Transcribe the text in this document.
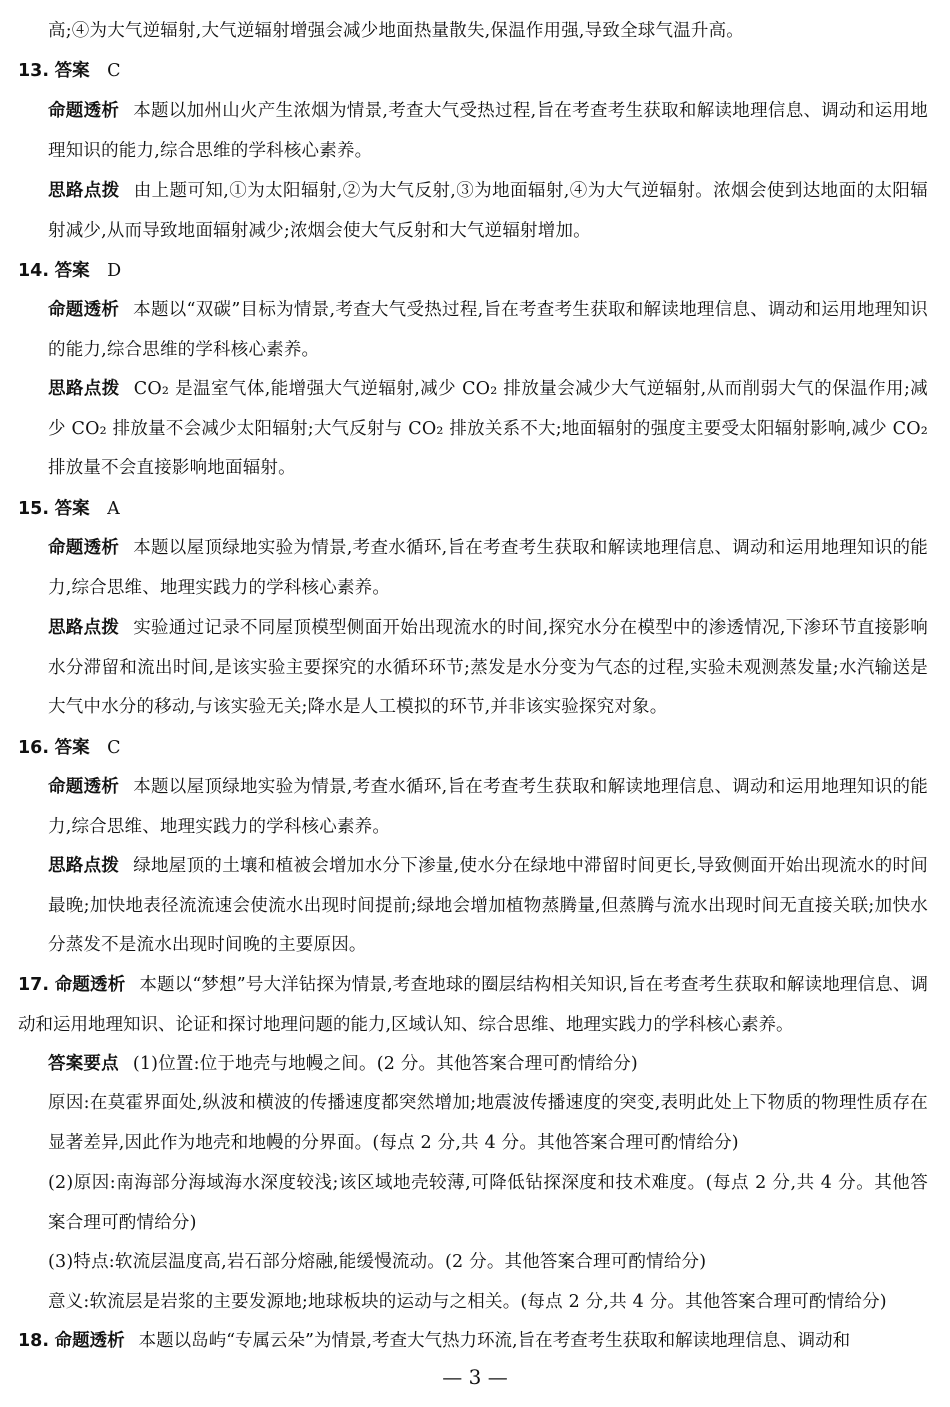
高;④为大气逆辐射,大气逆辐射增强会减少地面热量散失,保温作用强,导致全球气温升高。
13. 答案 C
命题透析 本题以加州山火产生浓烟为情景,考查大气受热过程,旨在考查考生获取和解读地理信息、调动和运用地理知识的能力,综合思维的学科核心素养。
思路点拨 由上题可知,①为太阳辐射,②为大气反射,③为地面辐射,④为大气逆辐射。浓烟会使到达地面的太阳辐射减少,从而导致地面辐射减少;浓烟会使大气反射和大气逆辐射增加。
14. 答案 D
命题透析 本题以“双碳”目标为情景,考查大气受热过程,旨在考查考生获取和解读地理信息、调动和运用地理知识的能力,综合思维的学科核心素养。
思路点拨 CO₂ 是温室气体,能增强大气逆辐射,减少 CO₂ 排放量会减少大气逆辐射,从而削弱大气的保温作用;减少 CO₂ 排放量不会减少太阳辐射;大气反射与 CO₂ 排放关系不大;地面辐射的强度主要受太阳辐射影响,减少 CO₂ 排放量不会直接影响地面辐射。
15. 答案 A
命题透析 本题以屋顶绿地实验为情景,考查水循环,旨在考查考生获取和解读地理信息、调动和运用地理知识的能力,综合思维、地理实践力的学科核心素养。
思路点拨 实验通过记录不同屋顶模型侧面开始出现流水的时间,探究水分在模型中的渗透情况,下渗环节直接影响水分滞留和流出时间,是该实验主要探究的水循环环节;蒸发是水分变为气态的过程,实验未观测蒸发量;水汽输送是大气中水分的移动,与该实验无关;降水是人工模拟的环节,并非该实验探究对象。
16. 答案 C
命题透析 本题以屋顶绿地实验为情景,考查水循环,旨在考查考生获取和解读地理信息、调动和运用地理知识的能力,综合思维、地理实践力的学科核心素养。
思路点拨 绿地屋顶的土壤和植被会增加水分下渗量,使水分在绿地中滞留时间更长,导致侧面开始出现流水的时间最晚;加快地表径流流速会使流水出现时间提前;绿地会增加植物蒸腾量,但蒸腾与流水出现时间无直接关联;加快水分蒸发不是流水出现时间晚的主要原因。
17. 命题透析 本题以“梦想”号大洋钻探为情景,考查地球的圈层结构相关知识,旨在考查考生获取和解读地理信息、调动和运用地理知识、论证和探讨地理问题的能力,区域认知、综合思维、地理实践力的学科核心素养。
答案要点 (1)位置:位于地壳与地幔之间。(2 分。其他答案合理可酌情给分)
原因:在莫霍界面处,纵波和横波的传播速度都突然增加;地震波传播速度的突变,表明此处上下物质的物理性质存在显著差异,因此作为地壳和地幔的分界面。(每点 2 分,共 4 分。其他答案合理可酌情给分)
(2)原因:南海部分海域海水深度较浅;该区域地壳较薄,可降低钻探深度和技术难度。(每点 2 分,共 4 分。其他答案合理可酌情给分)
(3)特点:软流层温度高,岩石部分熔融,能缓慢流动。(2 分。其他答案合理可酌情给分)
意义:软流层是岩浆的主要发源地;地球板块的运动与之相关。(每点 2 分,共 4 分。其他答案合理可酌情给分)
18. 命题透析 本题以岛屿“专属云朵”为情景,考查大气热力环流,旨在考查考生获取和解读地理信息、调动和
— 3 —
